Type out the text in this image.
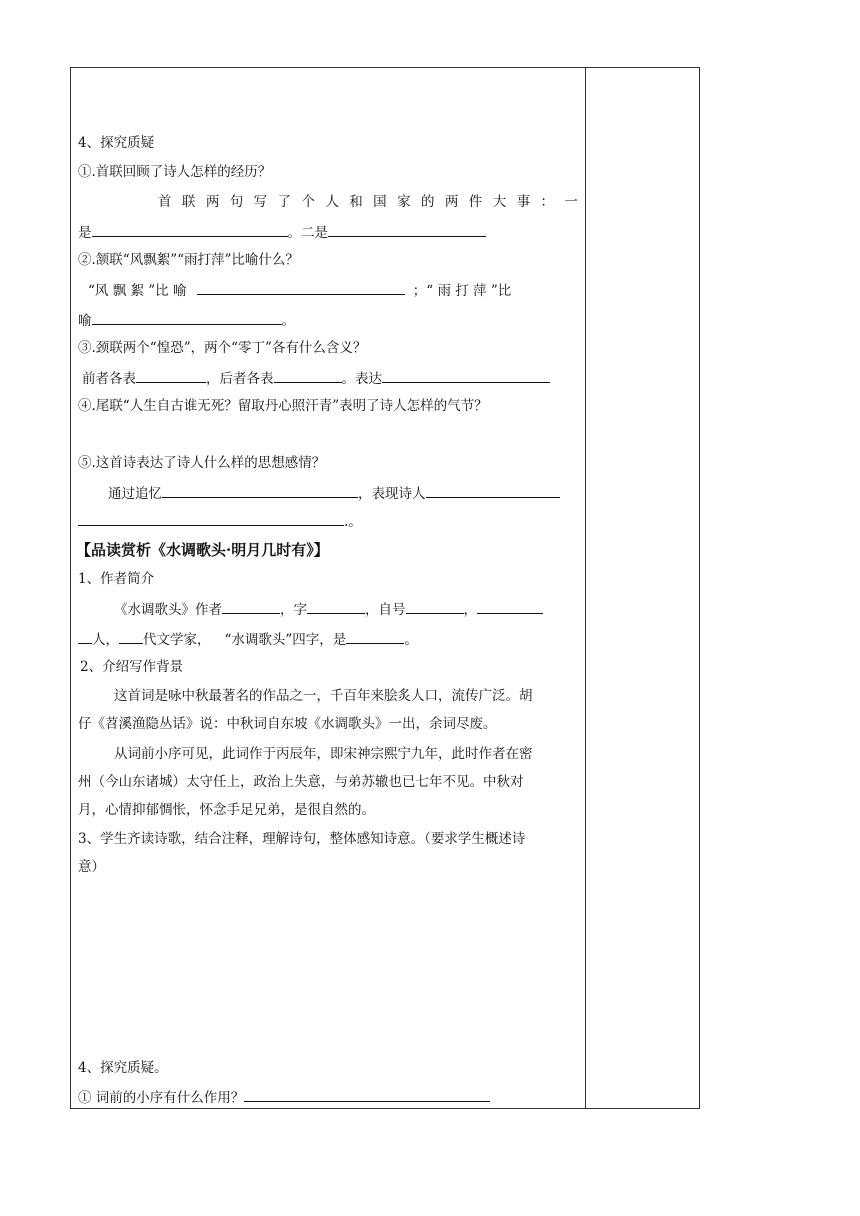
4、探究质疑
①.首联回顾了诗人怎样的经历？
首 联 两 句 写 了 个 人 和 国 家 的 两 件 大 事 ： 一
是	。二是
②.颔联“风飘絮”“雨打萍”比喻什么？
“风 飘 絮 ”比 喻	；“ 雨 打 萍 ”比
喻	。
③.颈联两个“惶恐”，两个“零丁”各有什么含义？
前者各表	，后者各表	。表达
④.尾联“人生自古谁无死？留取丹心照汗青”表明了诗人怎样的气节？
⑤.这首诗表达了诗人什么样的思想感情？
通过追忆	，表现诗人
.。
【品读赏析《水调歌头·明月几时有》】
1、作者简介
《水调歌头》作者	，字	，自号	，
人， 代文学家， “水调歌头”四字，是	。
2、介绍写作背景
这首词是咏中秋最著名的作品之一，千百年来脍炙人口，流传广泛。胡
仔《苕溪渔隐丛话》说：中秋词自东坡《水调歌头》一出，余词尽废。
从词前小序可见，此词作于丙辰年，即宋神宗熙宁九年，此时作者在密
州（今山东诸城）太守任上，政治上失意，与弟苏辙也已七年不见。中秋对
月，心情抑郁惆怅，怀念手足兄弟，是很自然的。
3、学生齐读诗歌，结合注释，理解诗句，整体感知诗意。（要求学生概述诗
意）
4、探究质疑。
① 词前的小序有什么作用？
